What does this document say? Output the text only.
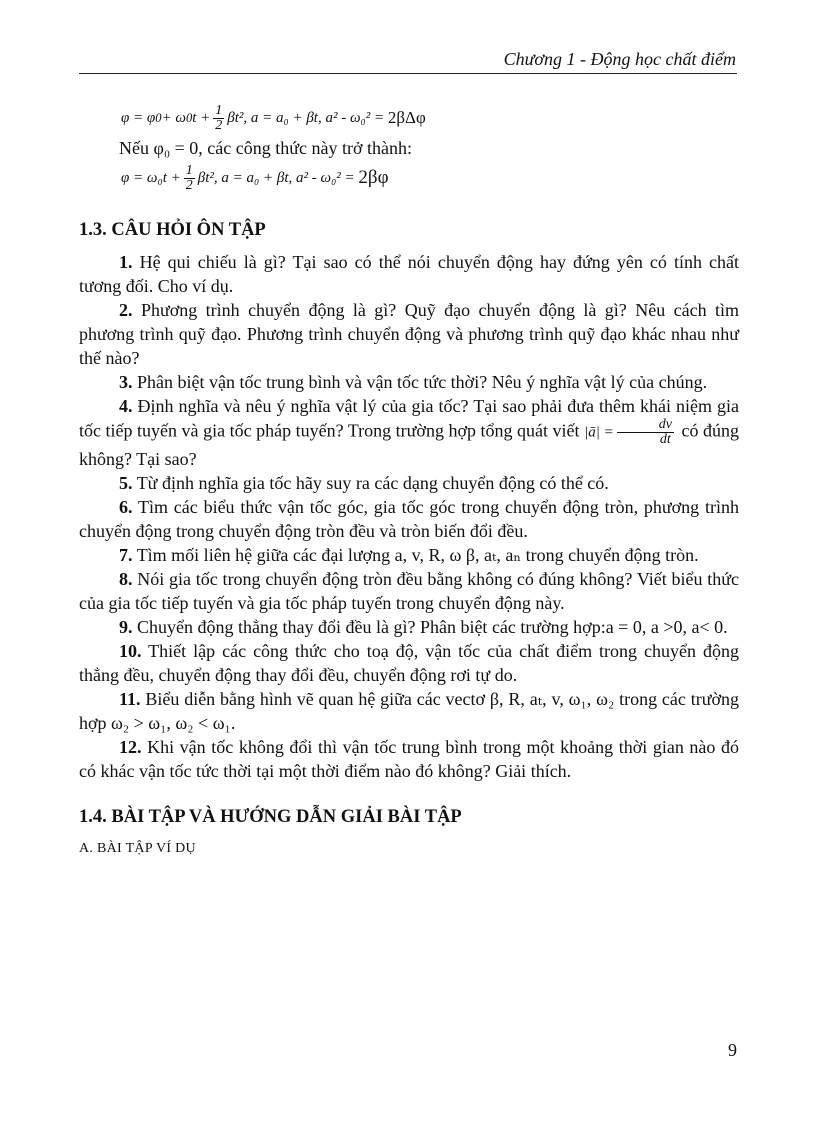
Chương 1 - Động học chất điểm
φ = φ 0 + ω 0 $t + \frac{1}{2} \beta t^2$, a = a₀ + βt, a² - ω₀² =
2βΔφ

Nếu φ₀ = 0, các công thức này trở thành:

$\varphi = \omega_0t + \frac{1}{2} \beta t^2$, a = a₀ + βt, a² - ω₀² =
2βφ
1.3. CÂU HỎI ÔN TẬP

1. Hệ qui chiếu là gì? Tại sao có thể nói chuyển động hay đứng yên có tính chất tương đối. Cho ví dụ.

2. Phương trình chuyển động là gì? Quỹ đạo chuyển động là gì? Nêu cách tìm phương trình quỹ đạo. Phương trình chuyển động và phương trình quỹ đạo khác nhau như thế nào?

3. Phân biệt vận tốc trung bình và vận tốc tức thời? Nêu ý nghĩa vật lý của chúng.

4. Định nghĩa và nêu ý nghĩa vật lý của gia tốc? Tại sao phải đưa thêm khái niệm gia tốc tiếp tuyến và gia tốc pháp tuyến? Trong trường hợp tổng quát viết |ā| = $\frac{dv}{dt}$ có đúng không? Tại sao?

5. Từ định nghĩa gia tốc hãy suy ra các dạng chuyển động có thể có.

6. Tìm các biểu thức vận tốc góc, gia tốc góc trong chuyển động tròn, phương trình chuyển động trong chuyển động tròn đều và tròn biến đổi đều.

7. Tìm mối liên hệ giữa các đại lượng a, v, R, ω β, aₜ, aₙ trong chuyển động tròn.

8. Nói gia tốc trong chuyển động tròn đều bằng không có đúng không? Viết biểu thức của gia tốc tiếp tuyến và gia tốc pháp tuyến trong chuyển động này.

9. Chuyển động thẳng thay đổi đều là gì? Phân biệt các trường hợp:a = 0, a >0, a< 0.

10. Thiết lập các công thức cho toạ độ, vận tốc của chất điểm trong chuyển động thẳng đều, chuyển động thay đổi đều, chuyển động rơi tự do.

11. Biểu diễn bằng hình vẽ quan hệ giữa các vectơ β, R, aₜ, v, ω₁, ω₂ trong các trường hợp ω₂ > ω₁, ω₂ < ω₁.

12. Khi vận tốc không đổi thì vận tốc trung bình trong một khoảng thời gian nào đó có khác vận tốc tức thời tại một thời điểm nào đó không? Giải thích.

1.4. BÀI TẬP VÀ HƯỚNG DẪN GIẢI BÀI TẬP
A. BÀI TẬP VÍ DỤ
9
